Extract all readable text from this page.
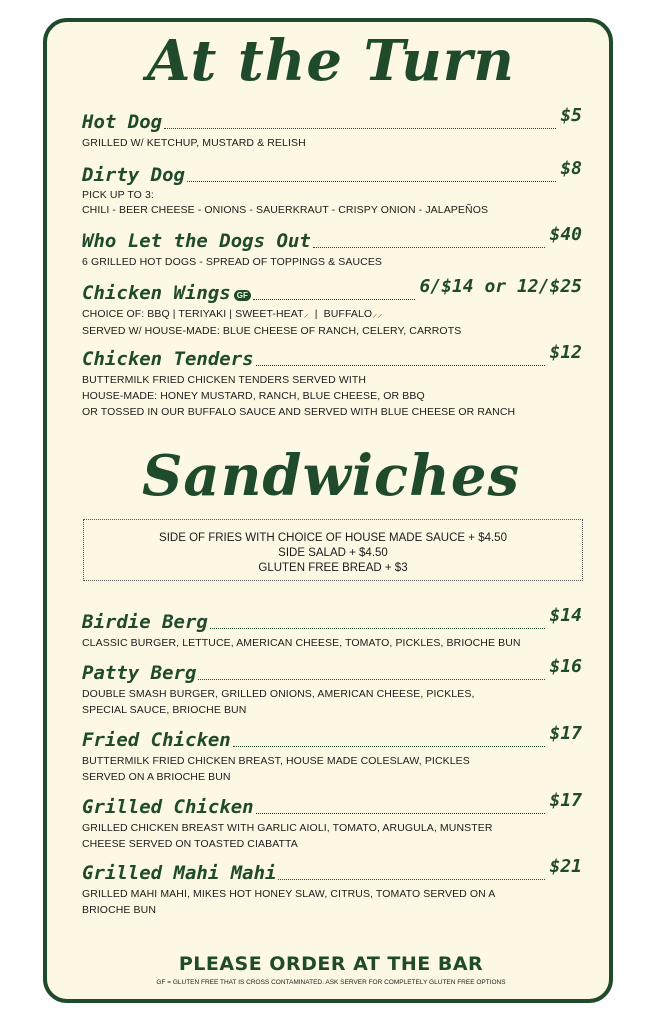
At the Turn
Hot Dog	$5
GRILLED W/ KETCHUP, MUSTARD & RELISH
Dirty Dog	$8
PICK UP TO 3:
CHILI - BEER CHEESE - ONIONS - SAUERKRAUT - CRISPY ONION - JALAPEÑOS
Who Let the Dogs Out	$40
6 GRILLED HOT DOGS - SPREAD OF TOPPINGS & SAUCES
Chicken Wings GF	6/$14 or 12/$25
CHOICE OF: BBQ | TERIYAKI | SWEET-HEAT⸝  |  BUFFALO⸝⸝
SERVED W/ HOUSE-MADE: BLUE CHEESE OF RANCH, CELERY, CARROTS
Chicken Tenders	$12
BUTTERMILK FRIED CHICKEN TENDERS SERVED WITH
HOUSE-MADE: HONEY MUSTARD, RANCH, BLUE CHEESE, OR BBQ
OR TOSSED IN OUR BUFFALO SAUCE AND SERVED WITH BLUE CHEESE OR RANCH
Sandwiches
SIDE OF FRIES WITH CHOICE OF HOUSE MADE SAUCE + $4.50
SIDE SALAD + $4.50
GLUTEN FREE BREAD + $3
Birdie Berg	$14
CLASSIC BURGER, LETTUCE, AMERICAN CHEESE, TOMATO, PICKLES, BRIOCHE BUN
Patty Berg	$16
DOUBLE SMASH BURGER, GRILLED ONIONS, AMERICAN CHEESE, PICKLES,
SPECIAL SAUCE, BRIOCHE BUN
Fried Chicken	$17
BUTTERMILK FRIED CHICKEN BREAST, HOUSE MADE COLESLAW, PICKLES
SERVED ON A BRIOCHE BUN
Grilled Chicken	$17
GRILLED CHICKEN BREAST WITH GARLIC AIOLI, TOMATO, ARUGULA, MUNSTER
CHEESE SERVED ON TOASTED CIABATTA
Grilled Mahi Mahi	$21
GRILLED MAHI MAHI, MIKES HOT HONEY SLAW, CITRUS, TOMATO SERVED ON A
BRIOCHE BUN
PLEASE ORDER AT THE BAR
GF = GLUTEN FREE THAT IS CROSS CONTAMINATED. ASK SERVER FOR COMPLETELY GLUTEN FREE OPTIONS
